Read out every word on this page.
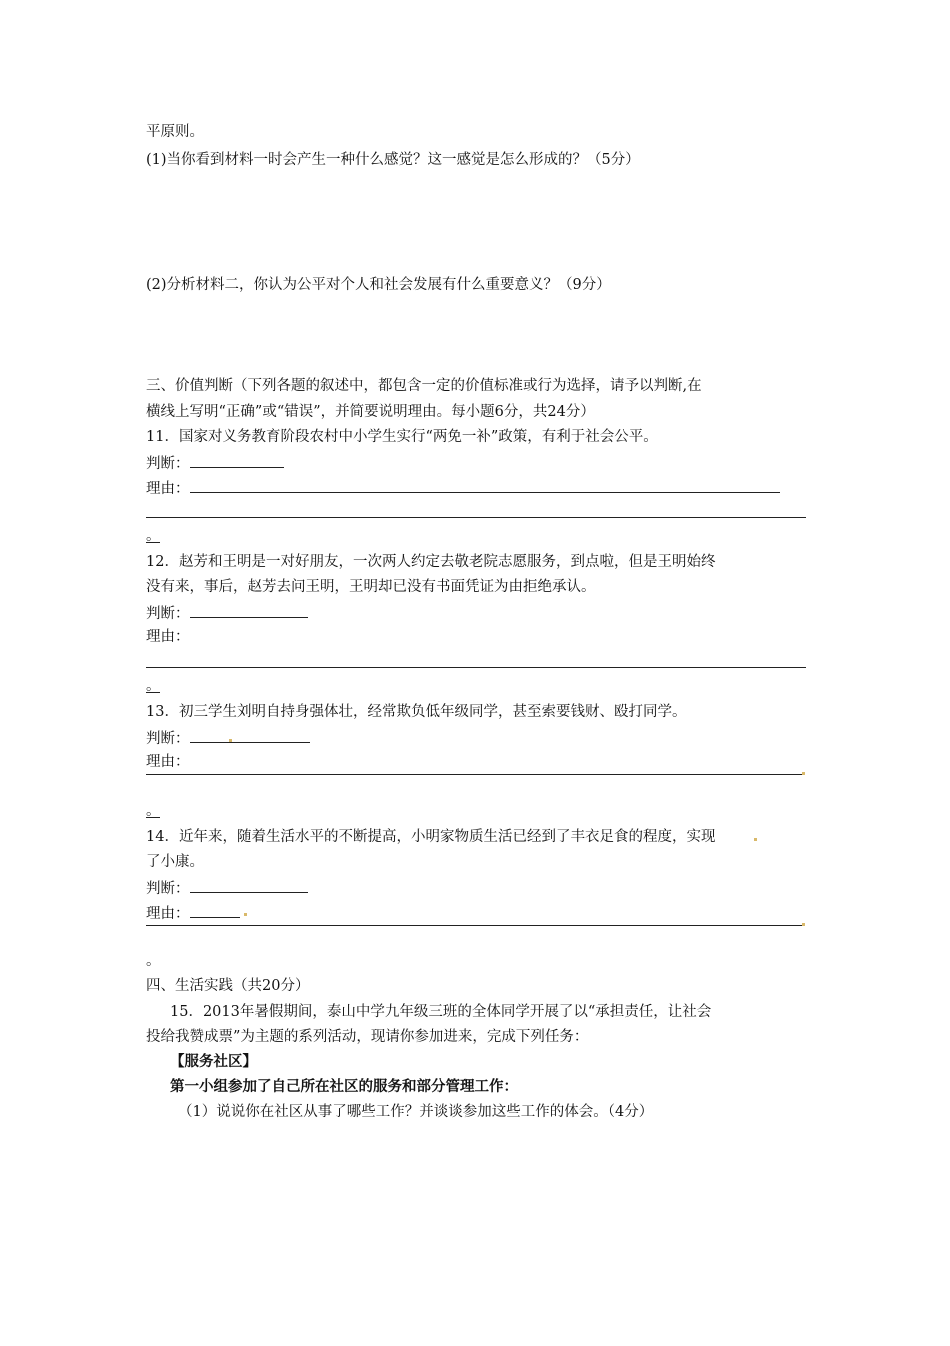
平原则。
(1)当你看到材料一时会产生一种什么感觉？这一感觉是怎么形成的？（5分）
(2)分析材料二，你认为公平对个人和社会发展有什么重要意义？（9分）
三、价值判断（下列各题的叙述中，都包含一定的价值标准或行为选择，请予以判断,在
横线上写明“正确”或“错误”，并简要说明理由。每小题6分，共24分）
11．国家对义务教育阶段农村中小学生实行“两免一补”政策，有利于社会公平。
判断：
理由：
。
12．赵芳和王明是一对好朋友，一次两人约定去敬老院志愿服务，到点啦，但是王明始终
没有来，事后，赵芳去问王明，王明却已没有书面凭证为由拒绝承认。
判断：
理由：
。
13．初三学生刘明自持身强体壮，经常欺负低年级同学，甚至索要钱财、殴打同学。
判断：
理由：
。
14．近年来，随着生活水平的不断提高，小明家物质生活已经到了丰衣足食的程度，实现
了小康。
判断：
理由：
。
四、生活实践（共20分）
15．2013年暑假期间，泰山中学九年级三班的全体同学开展了以“承担责任，让社会
投给我赞成票”为主题的系列活动，现请你参加进来，完成下列任务：
【服务社区】
第一小组参加了自己所在社区的服务和部分管理工作：
（1）说说你在社区从事了哪些工作？并谈谈参加这些工作的体会。（4分）
